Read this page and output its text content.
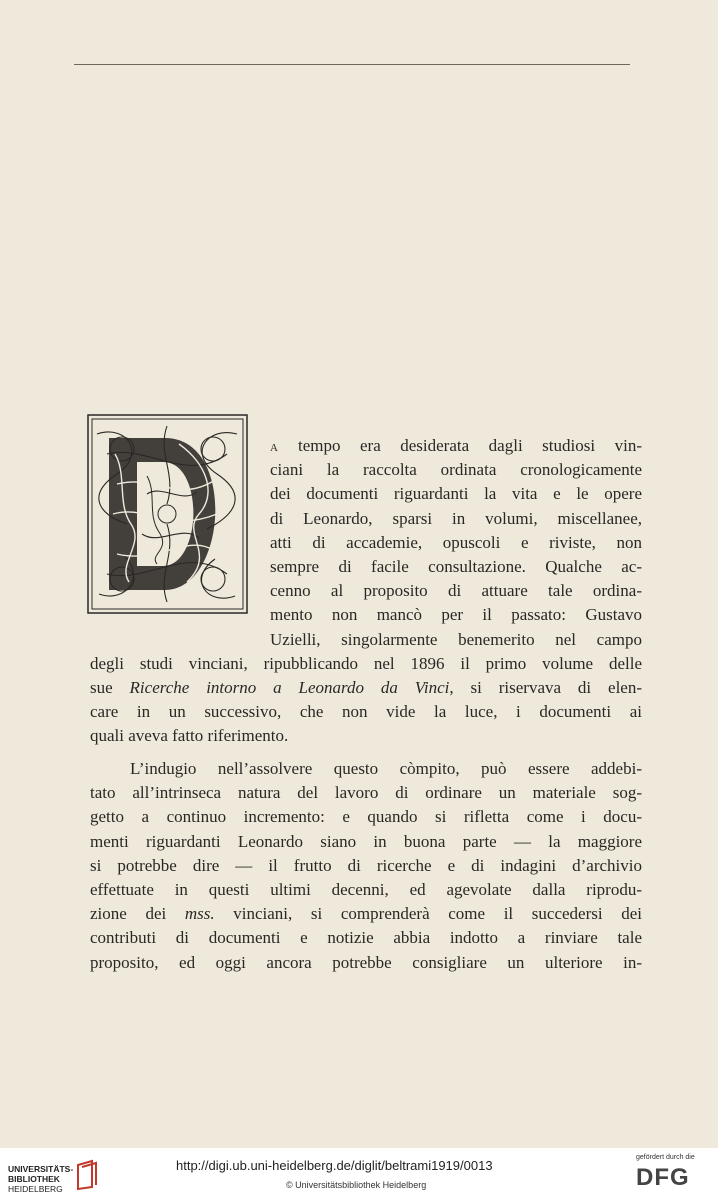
a tempo era desiderata dagli studiosi vin-
ciani la raccolta ordinata cronologicamente
dei documenti riguardanti la vita e le opere
di Leonardo, sparsi in volumi, miscellanee,
atti di accademie, opuscoli e riviste, non
sempre di facile consultazione. Qualche ac-
cenno al proposito di attuare tale ordina-
mento non mancò per il passato: Gustavo
Uzielli, singolarmente benemerito nel campo
degli studi vinciani, ripubblicando nel 1896 il primo volume delle
sue Ricerche intorno a Leonardo da Vinci, si riservava di elen-
care in un successivo, che non vide la luce, i documenti ai
quali aveva fatto riferimento.
L’indugio nell’assolvere questo còmpito, può essere addebi-
tato all’intrinseca natura del lavoro di ordinare un materiale sog-
getto a continuo incremento: e quando si rifletta come i docu-
menti riguardanti Leonardo siano in buona parte — la maggiore
si potrebbe dire — il frutto di ricerche e di indagini d’archivio
effettuate in questi ultimi decenni, ed agevolate dalla riprodu-
zione dei mss. vinciani, si comprenderà come il succedersi dei
contributi di documenti e notizie abbia indotto a rinviare tale
proposito, ed oggi ancora potrebbe consigliare un ulteriore in-
UNIVERSITÄTS-
BIBLIOTHEK
HEIDELBERG
http://digi.ub.uni-heidelberg.de/diglit/beltrami1919/0013
© Universitätsbibliothek Heidelberg
gefördert durch die
DFG
